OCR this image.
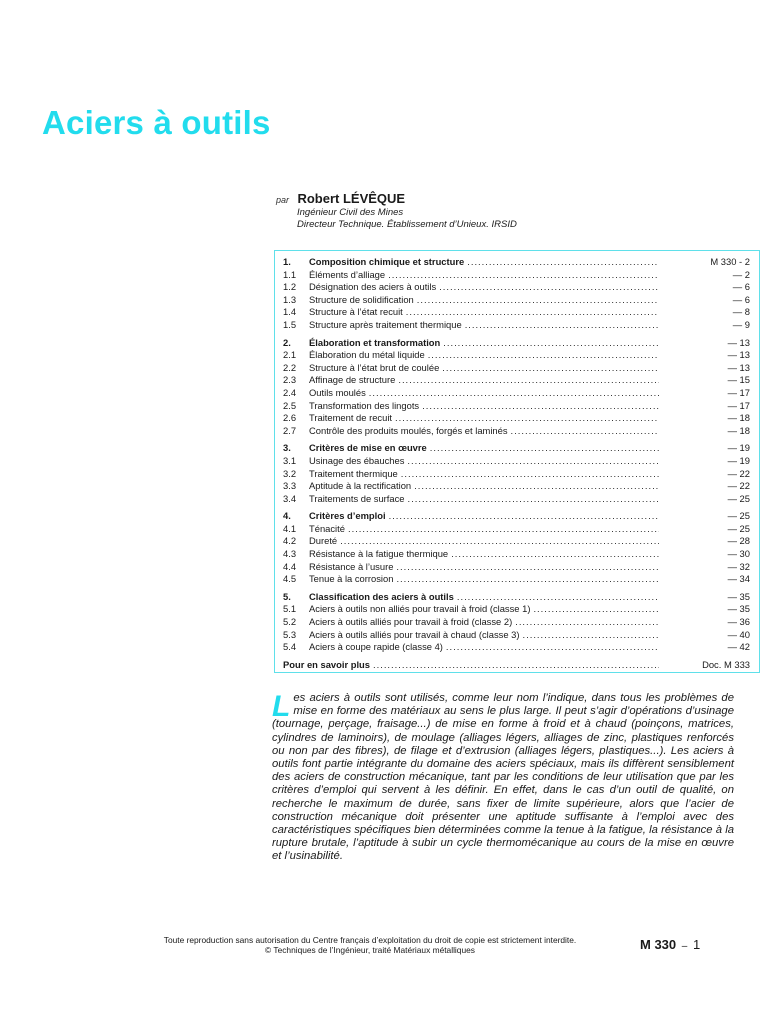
Aciers à outils
par Robert LÉVÊQUE
Ingénieur Civil des Mines
Directeur Technique. Établissement d’Unieux. IRSID
1.	Composition chimique et structure .....	M 330 - 2
1.1	Éléments d’alliage .....	— 2
1.2	Désignation des aciers à outils .....	— 6
1.3	Structure de solidification .....	— 6
1.4	Structure à l’état recuit .....	— 8
1.5	Structure après traitement thermique .....	— 9
2.	Élaboration et transformation .....	— 13
2.1	Élaboration du métal liquide .....	— 13
2.2	Structure à l’état brut de coulée .....	— 13
2.3	Affinage de structure .....	— 15
2.4	Outils moulés .....	— 17
2.5	Transformation des lingots .....	— 17
2.6	Traitement de recuit .....	— 18
2.7	Contrôle des produits moulés, forgés et laminés .....	— 18
3.	Critères de mise en œuvre .....	— 19
3.1	Usinage des ébauches .....	— 19
3.2	Traitement thermique .....	— 22
3.3	Aptitude à la rectification .....	— 22
3.4	Traitements de surface .....	— 25
4.	Critères d’emploi .....	— 25
4.1	Ténacité .....	— 25
4.2	Dureté .....	— 28
4.3	Résistance à la fatigue thermique .....	— 30
4.4	Résistance à l’usure .....	— 32
4.5	Tenue à la corrosion .....	— 34
5.	Classification des aciers à outils .....	— 35
5.1	Aciers à outils non alliés pour travail à froid (classe 1) .....	— 35
5.2	Aciers à outils alliés pour travail à froid (classe 2) .....	— 36
5.3	Aciers à outils alliés pour travail à chaud (classe 3) .....	— 40
5.4	Aciers à coupe rapide (classe 4) .....	— 42
Pour en savoir plus .....	Doc. M 333

Les aciers à outils sont utilisés, comme leur nom l’indique, dans tous les problèmes de mise en forme des matériaux au sens le plus large. Il peut s’agir d’opérations d’usinage (tournage, perçage, fraisage...) de mise en forme à froid et à chaud (poinçons, matrices, cylindres de laminoirs), de moulage (alliages légers, alliages de zinc, plastiques renforcés ou non par des fibres), de filage et d’extrusion (alliages légers, plastiques...). Les aciers à outils font partie intégrante du domaine des aciers spéciaux, mais ils diffèrent sensiblement des aciers de construction mécanique, tant par les conditions de leur utilisation que par les critères d’emploi qui servent à les définir. En effet, dans le cas d’un outil de qualité, on recherche le maximum de durée, sans fixer de limite supérieure, alors que l’acier de construction mécanique doit présenter une aptitude suffisante à l’emploi avec des caractéristiques spécifiques bien déterminées comme la tenue à la fatigue, la résistance à la rupture brutale, l’aptitude à subir un cycle thermomécanique au cours de la mise en œuvre et l’usinabilité.

Toute reproduction sans autorisation du Centre français d’exploitation du droit de copie est strictement interdite.
© Techniques de l’Ingénieur, traité Matériaux métalliques	M 330 – 1
